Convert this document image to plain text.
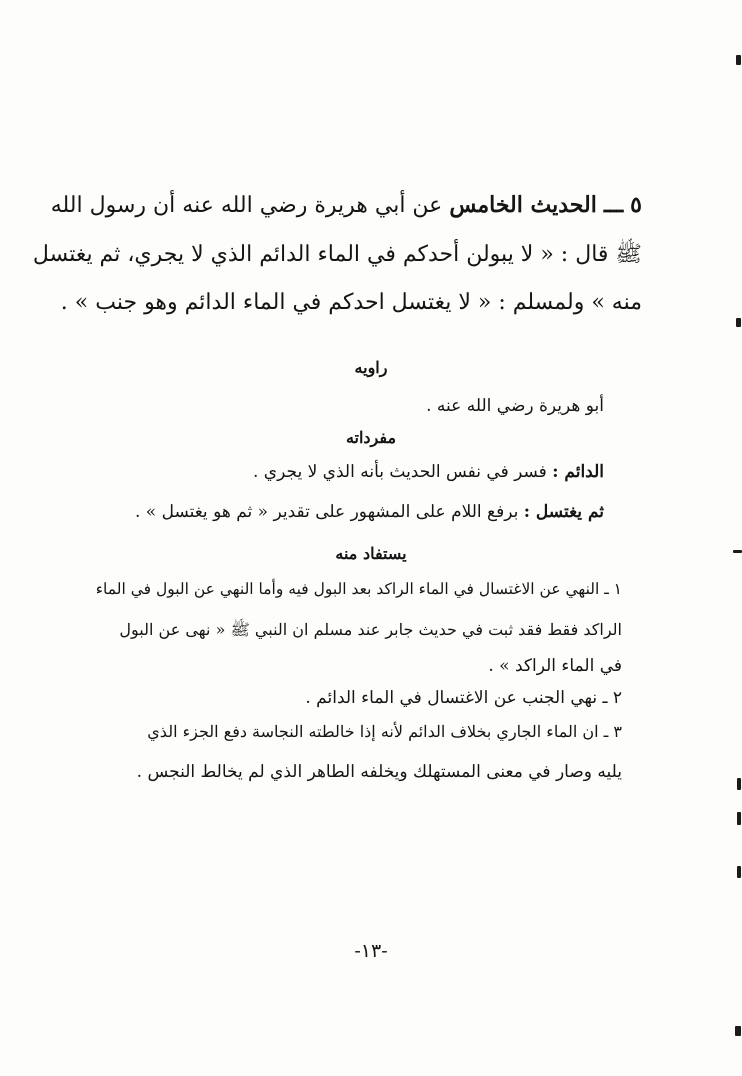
٥ ـــ الحديث الخامس عن أبي هريرة رضي الله عنه أن رسول الله
ﷺ قال : « لا يبولن أحدكم في الماء الدائم الذي لا يجري، ثم يغتسل
منه » ولمسلم : « لا يغتسل احدكم في الماء الدائم وهو جنب » .
راويه
أبو هريرة رضي الله عنه .
مفرداته
الدائم : فسر في نفس الحديث بأنه الذي لا يجري .
ثم يغتسل : برفع اللام على المشهور على تقدير « ثم هو يغتسل » .
يستفاد منه
١ ـ النهي عن الاغتسال في الماء الراكد بعد البول فيه وأما النهي عن البول في الماء
الراكد فقط فقد ثبت في حديث جابر عند مسلم ان النبي ﷺ « نهى عن البول
في الماء الراكد » .
٢ ـ نهي الجنب عن الاغتسال في الماء الدائم .
٣ ـ ان الماء الجاري بخلاف الدائم لأنه إذا خالطته النجاسة دفع الجزء الذي
يليه وصار في معنى المستهلك ويخلفه الطاهر الذي لم يخالط النجس .
-١٣-
